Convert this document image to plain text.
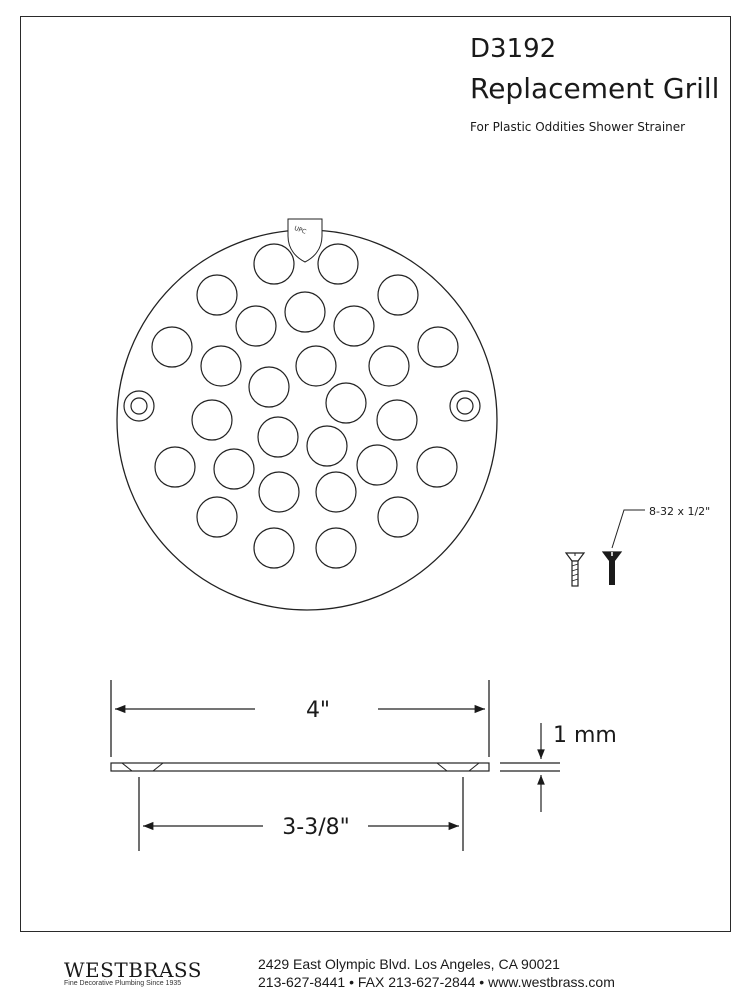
D3192
Replacement Grill
For Plastic Oddities Shower Strainer
UPC
8-32 x 1/2"
4"
3-3/8"
1 mm
WESTBRASS
Fine Decorative Plumbing Since 1935
2429 East Olympic Blvd. Los Angeles, CA 90021
213-627-8441 • FAX 213-627-2844 • www.westbrass.com
